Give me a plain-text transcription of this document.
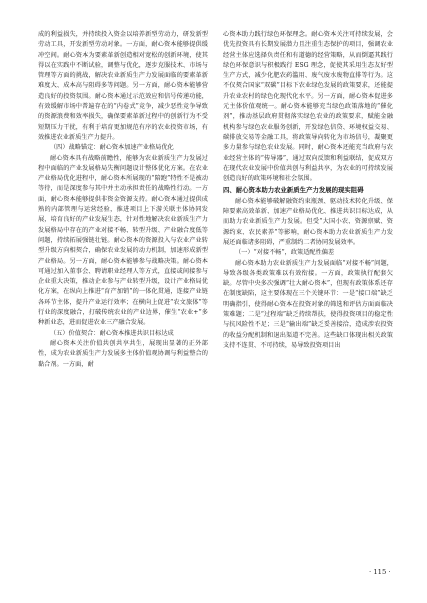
成的利益损失，并持续投入资金以培养新型劳动力，研发新型劳动工具，开发新型劳动对象。一方面，耐心资本能够提供缓冲空间。耐心资本为要素革新创造相对宽松的创新环境，使其得以在实践中不断试验，调整与优化，逐步克服技术、市场与管理等方面的挑战，解决农业新质生产力发展面临的要素革新难度大、成本高与阻碍多等问题。另一方面，耐心资本能够营造良好的投资氛围。耐心资本通过示范效应和信号传递功能，有效缓解市场中普遍存在的“内卷式”竞争，减少恶性竞争导致的资源浪费和效率损失，确保要素革新过程中的创新行为不受短期压力干扰，有利于培育更加规范有序的农业投资市场，有效推进农业新质生产力提升。

（四）战略锚定：耐心资本加速产业格局优化

耐心资本具有战略前瞻性，能够为农业新质生产力发展过程中面临的产业发展格局失衡问题设计整体优化方案。在农业产业格局优化进程中，耐心资本所展现的“陪跑”特性不是被动等待，而是深度参与其中并主动承担责任的战略性行动。一方面，耐心资本能够提供非资金资源支持。耐心资本通过提供成熟的内部管理与运营经验，推进项目上下游关联主体协同发展，培育良好的产业发展生态，针对性地解决农业新质生产力发展格局中存在的产业对接不畅、转型升级、产业融合度低等问题，持续拓展强链壮链。耐心资本的资源投入与农业产业转型升级方向相契合，确保农业发展的动力机制，加速形成新型产业格局。另一方面，耐心资本能够参与战略决策。耐心资本可通过加入董事会、聘请职业经理人等方式，直接或间接参与企业重大决策，推动企业参与产业转型升级，设计产业格局优化方案，在纵向上推进“育产加销”的一体化贯通，连接产业链各环节主体，提升产业运行效率；在横向上促进“农文旅体”等行业的深度融合，打破传统农业的产业边界，催生“农业+”多种新业态，进而促进农业三产融合发展。

（五）价值契合：耐心资本推进共识目标达成

耐心资本关注价值共创共享共生，展现出显著的正外部性，成为农业新质生产力发展多主体价值观协调与利益整合的黏合剂。一方面，耐

心资本助力践行绿色环保理念。耐心资本关注可持续发展，会优先投资具有长期发展潜力且注重生态保护的项目，强调农业经营主体应选择负责任和有道德的经营策略，从而倒逼其践行绿色环保意识与积极践行 ESG 理念，促使其采用生态友好型生产方式，减少化肥农药滥用、废气废水废物直排等行为。这不仅契合国家“双碳”目标下农业绿色发展的政策要求，还能提升农业农村的绿色化现代化水平。另一方面，耐心资本促进多元主体价值观统一。耐心资本能够充当绿色政策落地的“催化剂”，推动基层政府贯彻落实绿色农业的政策要求，赋能金融机构参与绿色农业服务创新，开发绿色信贷、环境权益交易、碳排放交易等金融工具，将政策导向转化为市场信号，凝聚更多力量参与绿色农业发展。同时，耐心资本还能充当政府与农业经营主体的“传导器”，通过双向反馈和利益联结，促成双方在现代农业发展中价值共创与利益共享，为农业的可持续发展创造良好的政策环境和社会氛围。

四、耐心资本助力农业新质生产力发展的现实阻碍

耐心资本能够破解融资约束瓶颈、驱动技术转化升级、保障要素高效革新、加速产业格局优化、推进共识目标达成，从而助力农业新质生产力发展。但受“大国小农、资源禀赋、资源约束、农民素养”等影响，耐心资本助力农业新质生产力发展还面临诸多阻碍，严重制约二者协同发展效率。

（一）“对接不畅”，政策适配性偏差

耐心资本助力农业新质生产力发展面临“对接不畅”问题，导致各级各类政策难以有效衔接。一方面，政策执行配套欠缺。尽管中央多次强调“壮大耐心资本”，但现有政策体系还存在制度缺陷，这主要体现在三个关键环节：一是“接口端”缺乏明确指引，使得耐心资本在投资对象的筛选和评估方面面临决策难题；二是“过程端”缺乏持续帮扶，使得投资项目的稳定性与抗风险性不足；三是“输出端”缺乏妥善接洽，造成涉农投资的收益分配机制和退出渠道不完善。这些缺口体现出相关政策支持不连贯、不可持续，易导致投资项目出

· 115 ·
